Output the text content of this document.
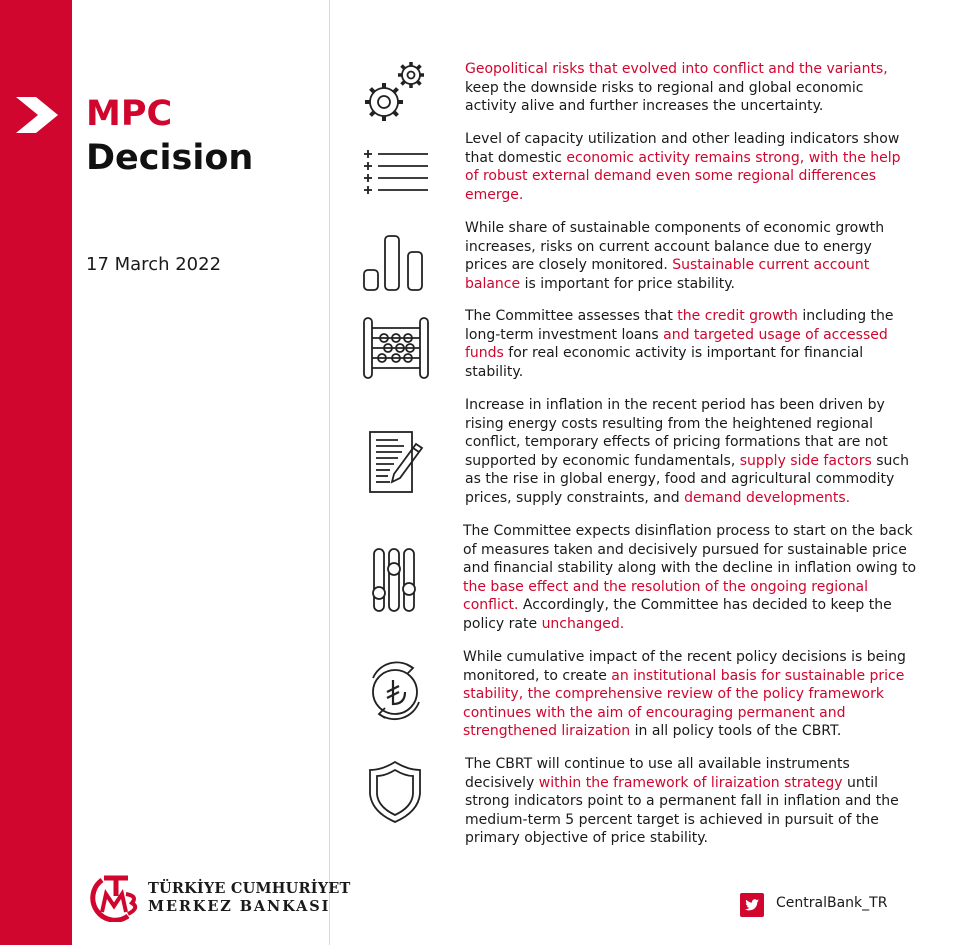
MPC
Decision
17 March 2022

Geopolitical risks that evolved into conflict and the variants, keep the downside risks to regional and global economic activity alive and further increases the uncertainty.

Level of capacity utilization and other leading indicators show that domestic economic activity remains strong, with the help of robust external demand even some regional differences emerge.

While share of sustainable components of economic growth increases, risks on current account balance due to energy prices are closely monitored. Sustainable current account balance is important for price stability.

The Committee assesses that the credit growth including the long-term investment loans and targeted usage of accessed funds for real economic activity is important for financial stability.

Increase in inflation in the recent period has been driven by rising energy costs resulting from the heightened regional conflict, temporary effects of pricing formations that are not supported by economic fundamentals, supply side factors such as the rise in global energy, food and agricultural commodity prices, supply constraints, and demand developments.

The Committee expects disinflation process to start on the back of measures taken and decisively pursued for sustainable price and financial stability along with the decline in inflation owing to the base effect and the resolution of the ongoing regional conflict. Accordingly, the Committee has decided to keep the policy rate unchanged.

While cumulative impact of the recent policy decisions is being monitored, to create an institutional basis for sustainable price stability, the comprehensive review of the policy framework continues with the aim of encouraging permanent and strengthened liraization in all policy tools of the CBRT.

The CBRT will continue to use all available instruments decisively within the framework of liraization strategy until strong indicators point to a permanent fall in inflation and the medium-term 5 percent target is achieved in pursuit of the primary objective of price stability.

TÜRKİYE CUMHURİYET
MERKEZ BANKASI	CentralBank_TR
